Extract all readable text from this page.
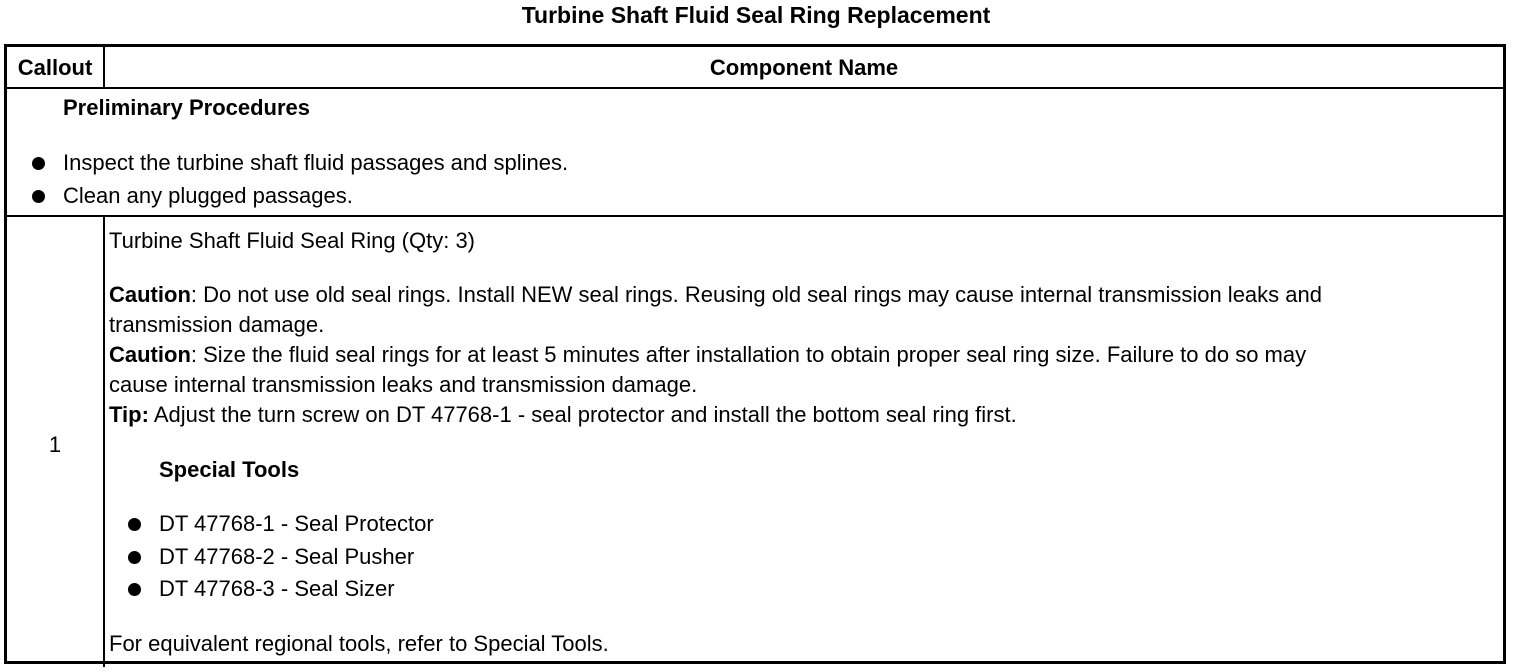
Turbine Shaft Fluid Seal Ring Replacement
Callout	Component Name
Preliminary Procedures
Inspect the turbine shaft fluid passages and splines.
Clean any plugged passages.
1
Turbine Shaft Fluid Seal Ring (Qty: 3)
Caution: Do not use old seal rings. Install NEW seal rings. Reusing old seal rings may cause internal transmission leaks and
transmission damage.
Caution: Size the fluid seal rings for at least 5 minutes after installation to obtain proper seal ring size. Failure to do so may
cause internal transmission leaks and transmission damage.
Tip: Adjust the turn screw on DT 47768-1 - seal protector and install the bottom seal ring first.
Special Tools
DT 47768-1 - Seal Protector
DT 47768-2 - Seal Pusher
DT 47768-3 - Seal Sizer
For equivalent regional tools, refer to Special Tools.
